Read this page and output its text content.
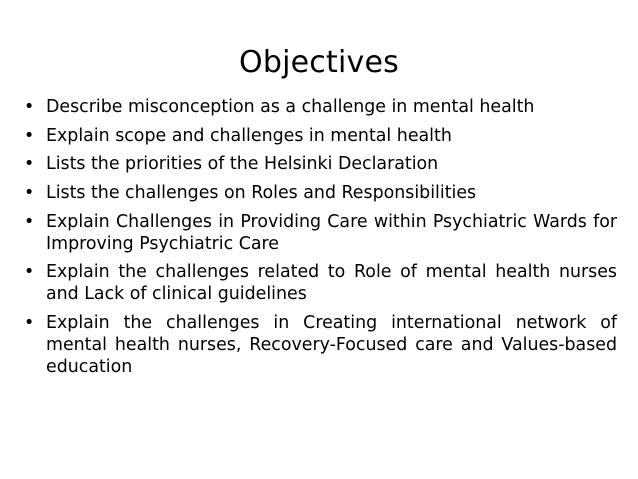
Objectives
• Describe misconception as a challenge in mental health
• Explain scope and challenges in mental health
• Lists the priorities of the Helsinki Declaration
• Lists the challenges on Roles and Responsibilities
• Explain Challenges in Providing Care within Psychiatric Wards for Improving Psychiatric Care
• Explain the challenges related to Role of mental health nurses and Lack of clinical guidelines
• Explain the challenges in Creating international network of mental health nurses, Recovery-Focused care and Values-based education
